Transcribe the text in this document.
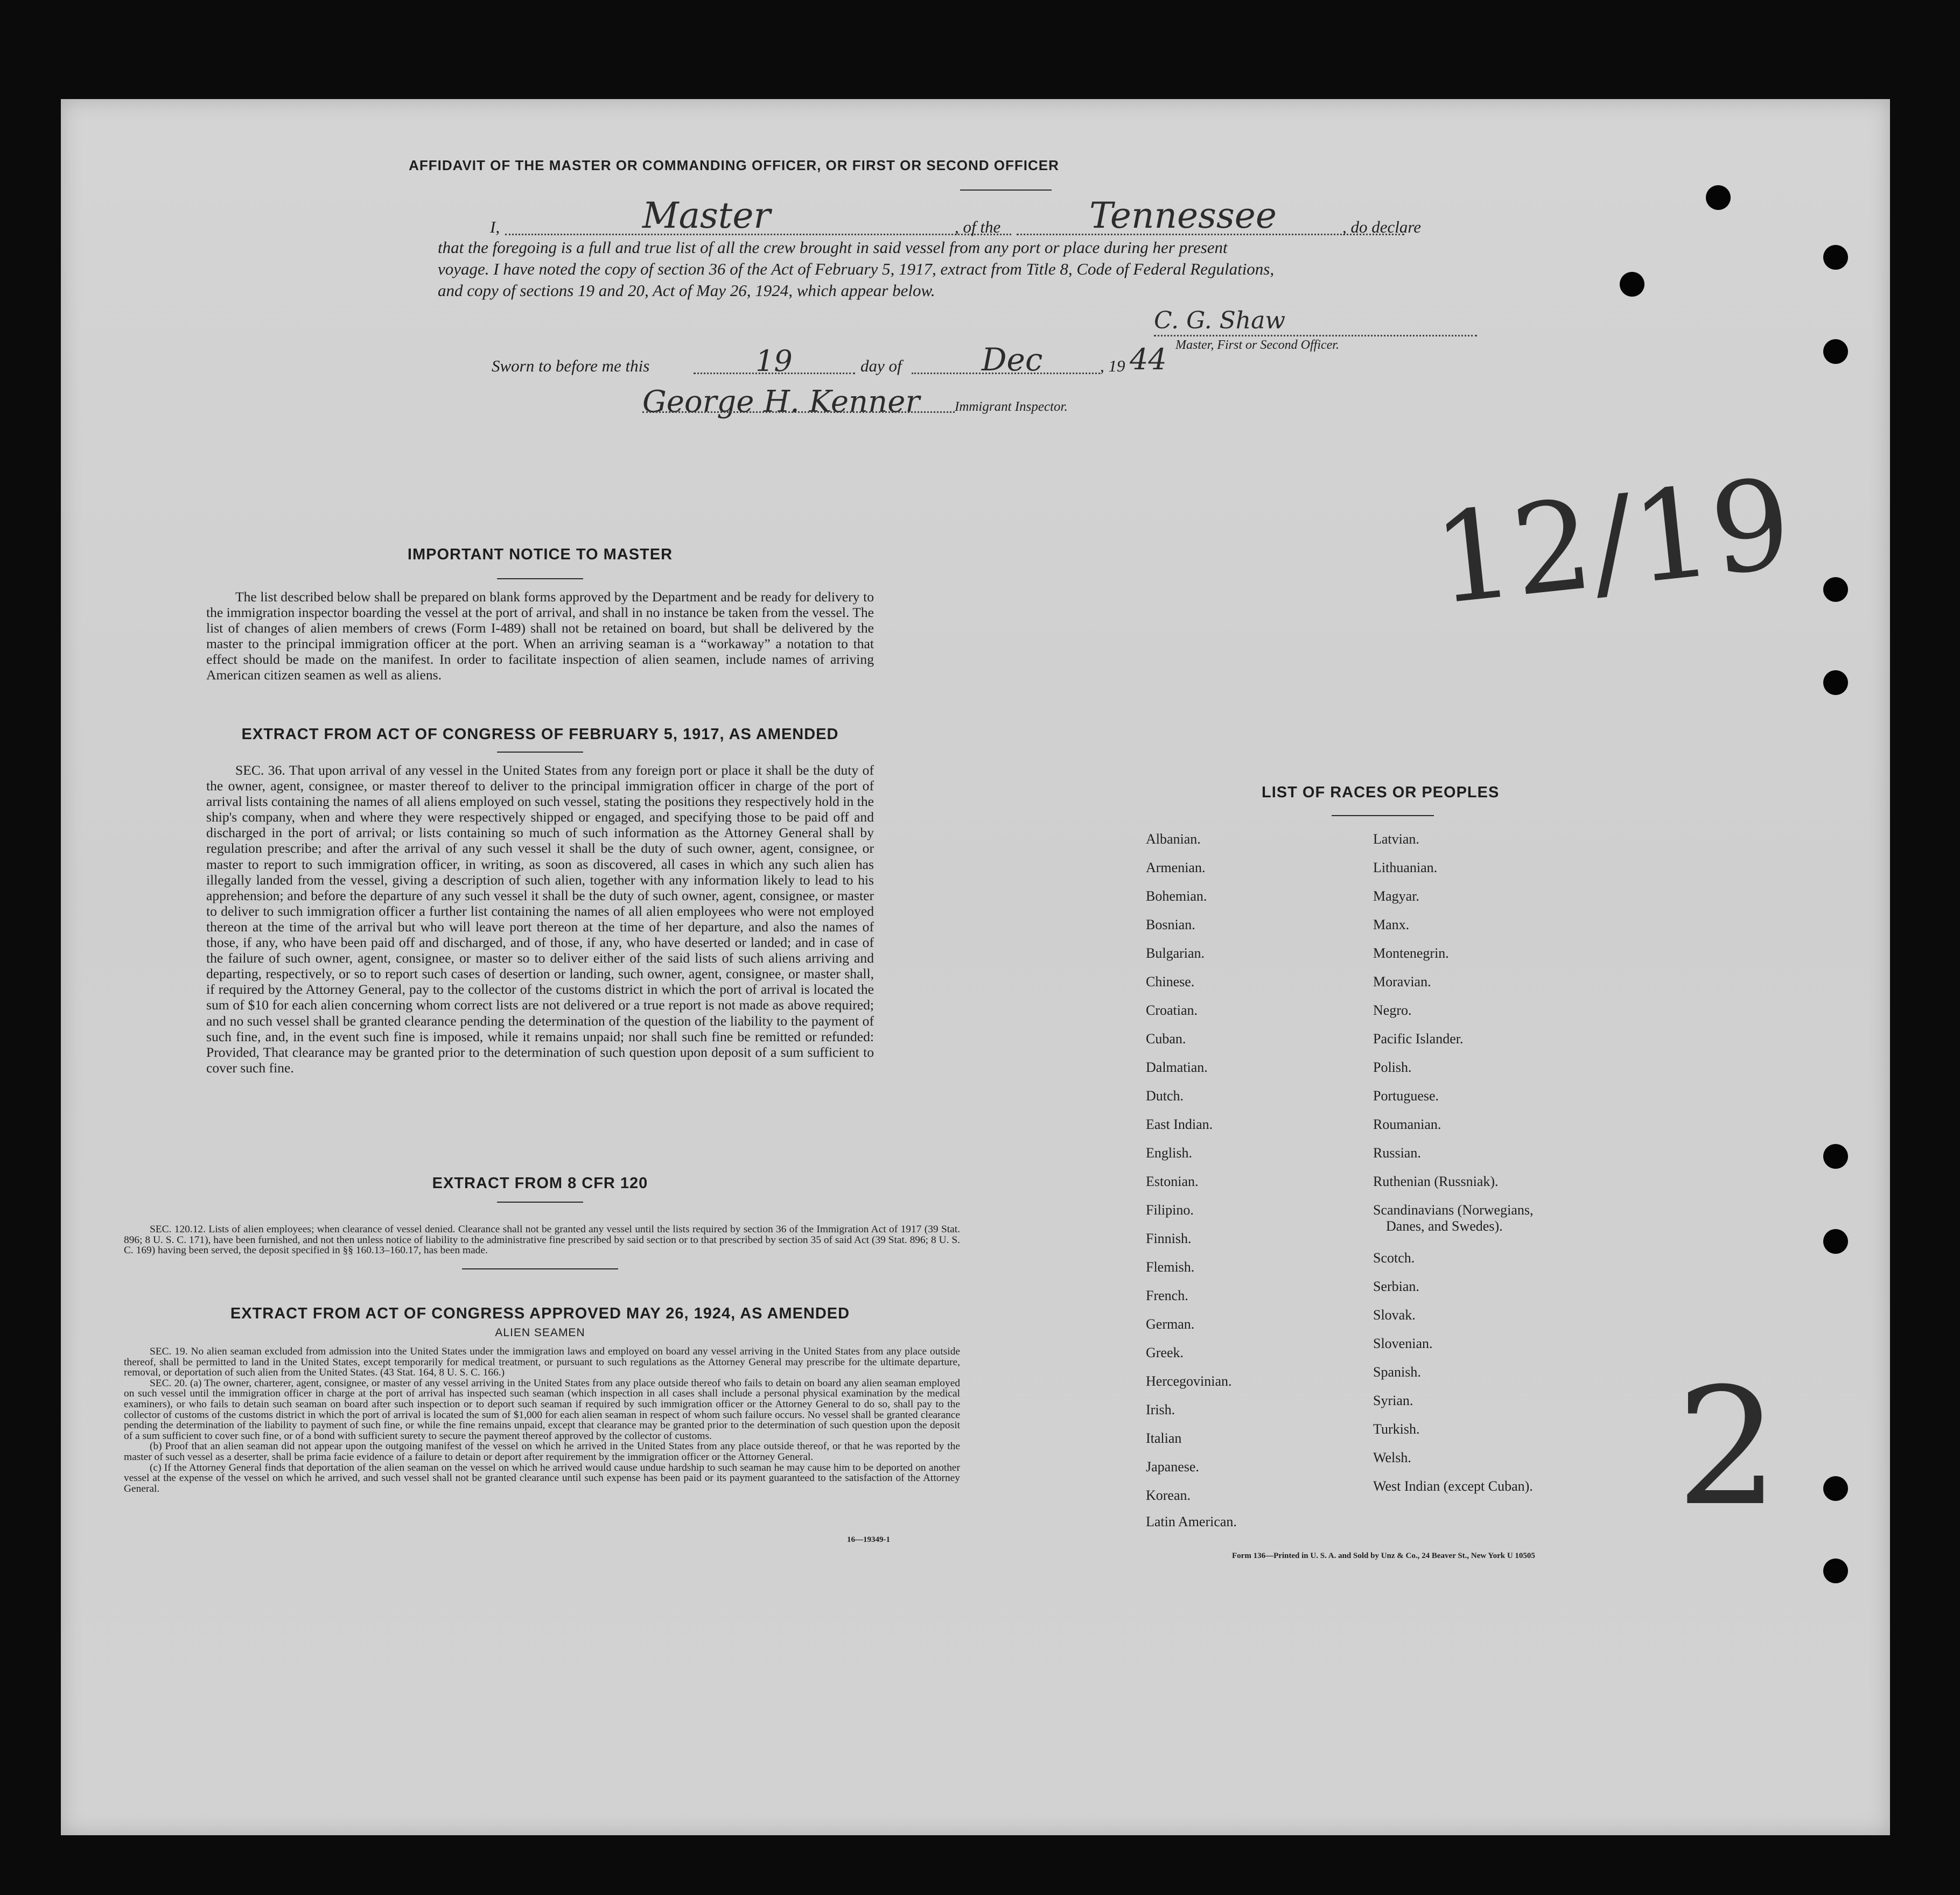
AFFIDAVIT OF THE MASTER OR COMMANDING OFFICER, OR FIRST OR SECOND OFFICER
I,	Master	, of the Tennessee	, do declare
that the foregoing is a full and true list of all the crew brought in said vessel from any port or place during her present
voyage. I have noted the copy of section 36 of the Act of February 5, 1917, extract from Title 8, Code of Federal Regulations,
and copy of sections 19 and 20, Act of May 26, 1924, which appear below.
C. G. Shaw
Master, First or Second Officer.
Sworn to before me this	19	day of	Dec	, 19 44
George H. Kenner	Immigrant Inspector.
12/19
2
IMPORTANT NOTICE TO MASTER
The list described below shall be prepared on blank forms approved by the Department and be ready for delivery to the immigration inspector boarding the vessel at the port of arrival, and shall in no instance be taken from the vessel. The list of changes of alien members of crews (Form I-489) shall not be retained on board, but shall be delivered by the master to the principal immigration officer at the port. When an arriving seaman is a “workaway” a notation to that effect should be made on the manifest. In order to facilitate inspection of alien seamen, include names of arriving American citizen seamen as well as aliens.
EXTRACT FROM ACT OF CONGRESS OF FEBRUARY 5, 1917, AS AMENDED
SEC. 36. That upon arrival of any vessel in the United States from any foreign port or place it shall be the duty of the owner, agent, consignee, or master thereof to deliver to the principal immigration officer in charge of the port of arrival lists containing the names of all aliens employed on such vessel, stating the positions they respectively hold in the ship's company, when and where they were respectively shipped or engaged, and specifying those to be paid off and discharged in the port of arrival; or lists containing so much of such information as the Attorney General shall by regulation prescribe; and after the arrival of any such vessel it shall be the duty of such owner, agent, consignee, or master to report to such immigration officer, in writing, as soon as discovered, all cases in which any such alien has illegally landed from the vessel, giving a description of such alien, together with any information likely to lead to his apprehension; and before the departure of any such vessel it shall be the duty of such owner, agent, consignee, or master to deliver to such immigration officer a further list containing the names of all alien employees who were not employed thereon at the time of the arrival but who will leave port thereon at the time of her departure, and also the names of those, if any, who have been paid off and discharged, and of those, if any, who have deserted or landed; and in case of the failure of such owner, agent, consignee, or master so to deliver either of the said lists of such aliens arriving and departing, respectively, or so to report such cases of desertion or landing, such owner, agent, consignee, or master shall, if required by the Attorney General, pay to the collector of the customs district in which the port of arrival is located the sum of $10 for each alien concerning whom correct lists are not delivered or a true report is not made as above required; and no such vessel shall be granted clearance pending the determination of the question of the liability to the payment of such fine, and, in the event such fine is imposed, while it remains unpaid; nor shall such fine be remitted or refunded: Provided, That clearance may be granted prior to the determination of such question upon deposit of a sum sufficient to cover such fine.
EXTRACT FROM 8 CFR 120
SEC. 120.12. Lists of alien employees; when clearance of vessel denied. Clearance shall not be granted any vessel until the lists required by section 36 of the Immigration Act of 1917 (39 Stat. 896; 8 U. S. C. 171), have been furnished, and not then unless notice of liability to the administrative fine prescribed by said section or to that prescribed by section 35 of said Act (39 Stat. 896; 8 U. S. C. 169) having been served, the deposit specified in §§ 160.13–160.17, has been made.
EXTRACT FROM ACT OF CONGRESS APPROVED MAY 26, 1924, AS AMENDED
ALIEN SEAMEN

SEC. 19. No alien seaman excluded from admission into the United States under the immigration laws and employed on board any vessel arriving in the United States from any place outside thereof, shall be permitted to land in the United States, except temporarily for medical treatment, or pursuant to such regulations as the Attorney General may prescribe for the ultimate departure, removal, or deportation of such alien from the United States. (43 Stat. 164, 8 U. S. C. 166.)

SEC. 20. (a) The owner, charterer, agent, consignee, or master of any vessel arriving in the United States from any place outside thereof who fails to detain on board any alien seaman employed on such vessel until the immigration officer in charge at the port of arrival has inspected such seaman (which inspection in all cases shall include a personal physical examination by the medical examiners), or who fails to detain such seaman on board after such inspection or to deport such seaman if required by such immigration officer or the Attorney General to do so, shall pay to the collector of customs of the customs district in which the port of arrival is located the sum of $1,000 for each alien seaman in respect of whom such failure occurs. No vessel shall be granted clearance pending the determination of the liability to payment of such fine, or while the fine remains unpaid, except that clearance may be granted prior to the determination of such question upon the deposit of a sum sufficient to cover such fine, or of a bond with sufficient surety to secure the payment thereof approved by the collector of customs.

(b) Proof that an alien seaman did not appear upon the outgoing manifest of the vessel on which he arrived in the United States from any place outside thereof, or that he was reported by the master of such vessel as a deserter, shall be prima facie evidence of a failure to detain or deport after requirement by the immigration officer or the Attorney General.

(c) If the Attorney General finds that deportation of the alien seaman on the vessel on which he arrived would cause undue hardship to such seaman he may cause him to be deported on another vessel at the expense of the vessel on which he arrived, and such vessel shall not be granted clearance until such expense has been paid or its payment guaranteed to the satisfaction of the Attorney General.

16—19349-1
LIST OF RACES OR PEOPLES
Albanian.
Armenian.
Bohemian.
Bosnian.
Bulgarian.
Chinese.
Croatian.
Cuban.
Dalmatian.
Dutch.
East Indian.
English.
Estonian.
Filipino.
Finnish.
Flemish.
French.
German.
Greek.
Hercegovinian.
Irish.
Italian
Japanese.
Korean.
Latin American.
Latvian.
Lithuanian.
Magyar.
Manx.
Montenegrin.
Moravian.
Negro.
Pacific Islander.
Polish.
Portuguese.
Roumanian.
Russian.
Ruthenian (Russniak).
Scandinavians (Norwegians,
Danes, and Swedes).
Scotch.
Serbian.
Slovak.
Slovenian.
Spanish.
Syrian.
Turkish.
Welsh.
West Indian (except Cuban).
Form 136—Printed in U. S. A. and Sold by Unz & Co., 24 Beaver St., New York U 10505
